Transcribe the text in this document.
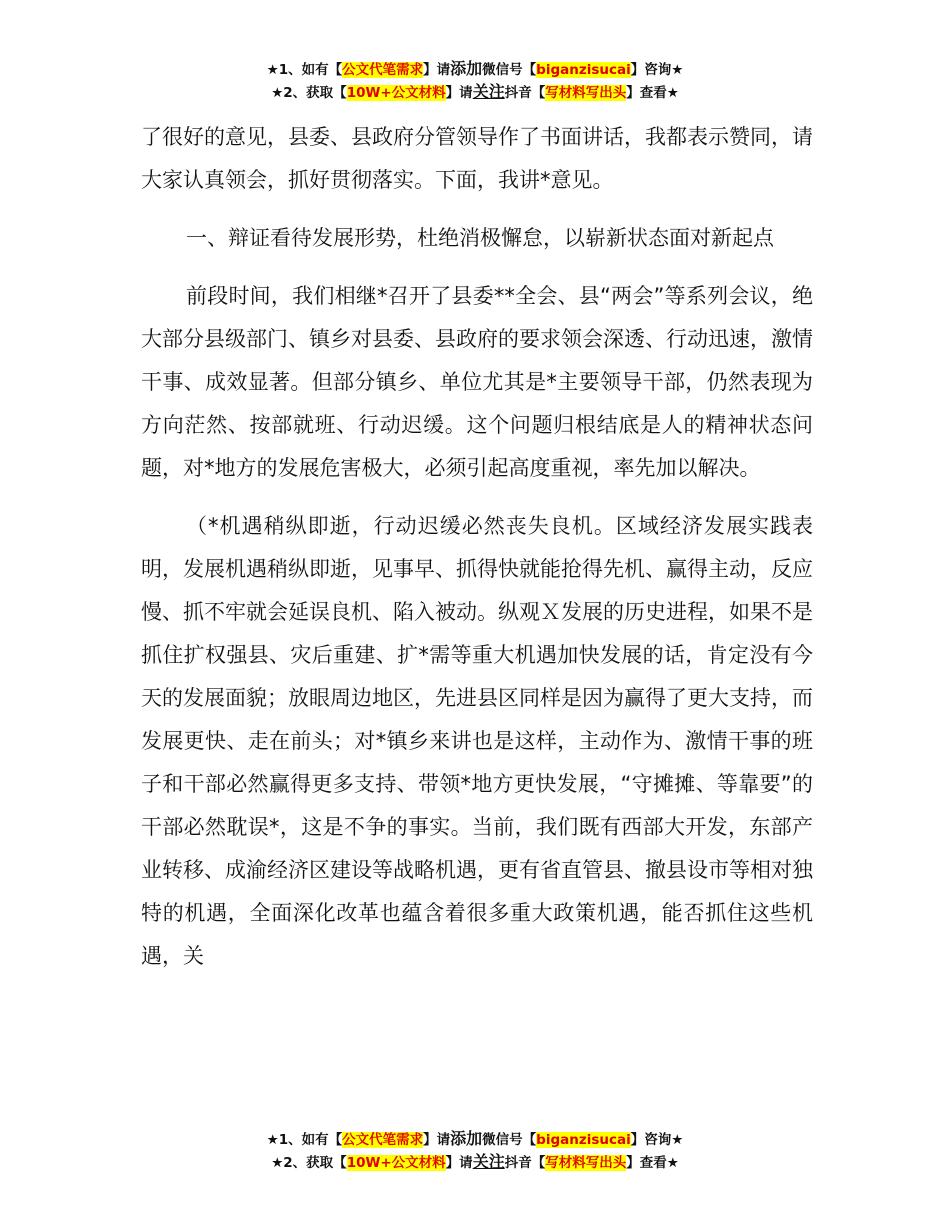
★1、如有【公文代笔需求】请添加微信号【biganzisucai】咨询★
★2、获取【10W+公文材料】请关注抖音【写材料写出头】查看★

了很好的意见，县委、县政府分管领导作了书面讲话，我都表示赞同，请大家认真领会，抓好贯彻落实。下面，我讲*意见。

一、辩证看待发展形势，杜绝消极懈怠，以崭新状态面对新起点

前段时间，我们相继*召开了县委**全会、县“两会”等系列会议，绝大部分县级部门、镇乡对县委、县政府的要求领会深透、行动迅速，激情干事、成效显著。但部分镇乡、单位尤其是*主要领导干部，仍然表现为方向茫然、按部就班、行动迟缓。这个问题归根结底是人的精神状态问题，对*地方的发展危害极大，必须引起高度重视，率先加以解决。

（*机遇稍纵即逝，行动迟缓必然丧失良机。区域经济发展实践表明，发展机遇稍纵即逝，见事早、抓得快就能抢得先机、赢得主动，反应慢、抓不牢就会延误良机、陷入被动。纵观Ｘ发展的历史进程，如果不是抓住扩权强县、灾后重建、扩*需等重大机遇加快发展的话，肯定没有今天的发展面貌；放眼周边地区，先进县区同样是因为赢得了更大支持，而发展更快、走在前头；对*镇乡来讲也是这样，主动作为、激情干事的班子和干部必然赢得更多支持、带领*地方更快发展，“守摊摊、等靠要”的干部必然耽误*，这是不争的事实。当前，我们既有西部大开发，东部产业转移、成渝经济区建设等战略机遇，更有省直管县、撤县设市等相对独特的机遇，全面深化改革也蕴含着很多重大政策机遇，能否抓住这些机遇，关

★1、如有【公文代笔需求】请添加微信号【biganzisucai】咨询★
★2、获取【10W+公文材料】请关注抖音【写材料写出头】查看★
